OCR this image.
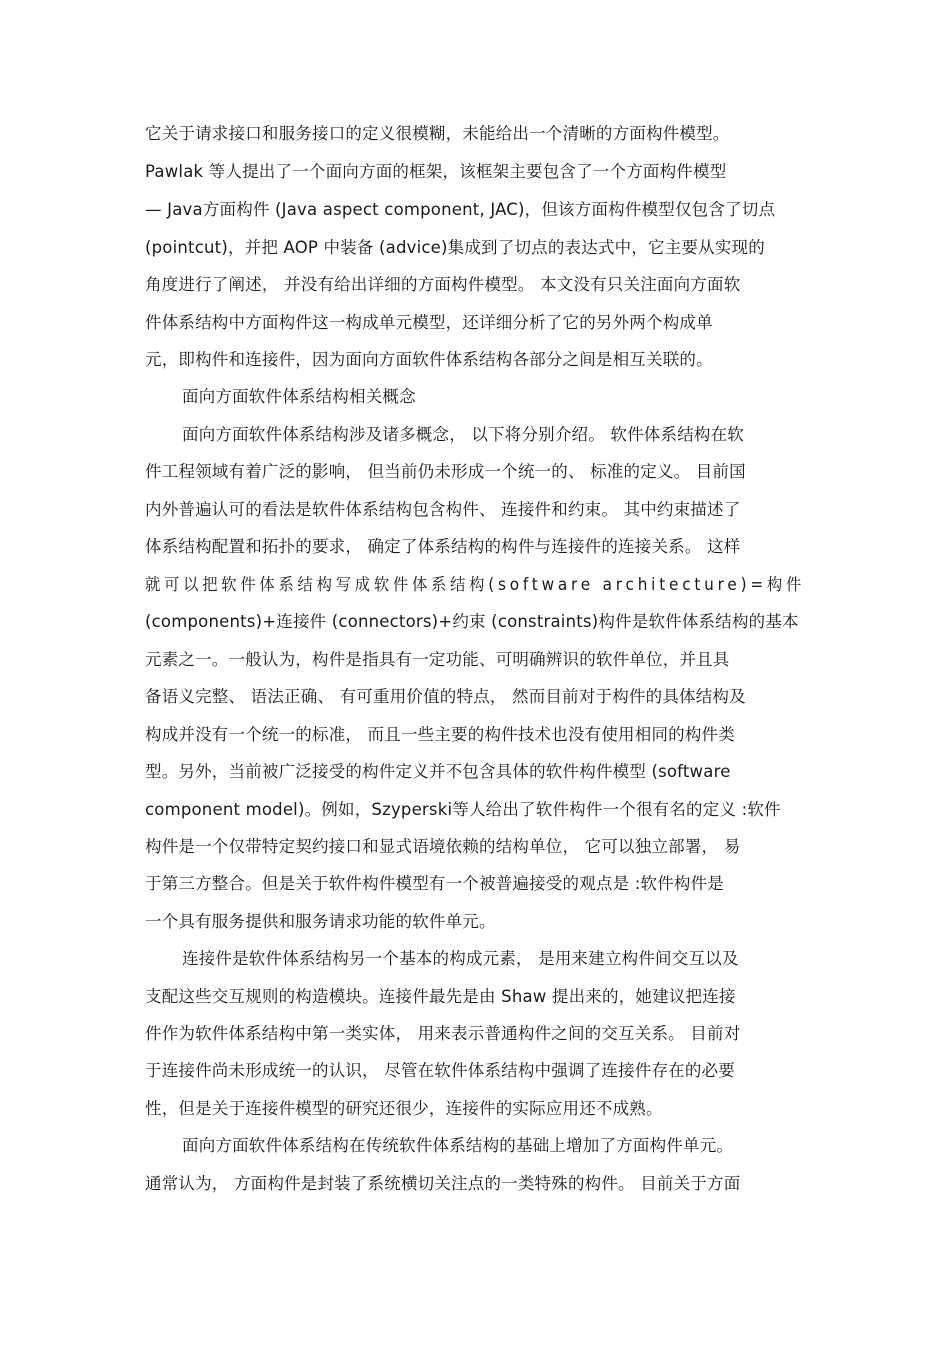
它关于请求接口和服务接口的定义很模糊，未能给出一个清晰的方面构件模型。
Pawlak 等人提出了一个面向方面的框架，该框架主要包含了一个方面构件模型
— Java方面构件 (Java aspect component, JAC)，但该方面构件模型仅包含了切点
(pointcut)，并把 AOP 中装备 (advice)集成到了切点的表达式中，它主要从实现的
角度进行了阐述， 并没有给出详细的方面构件模型。 本文没有只关注面向方面软
件体系结构中方面构件这一构成单元模型，还详细分析了它的另外两个构成单
元，即构件和连接件，因为面向方面软件体系结构各部分之间是相互关联的。
面向方面软件体系结构相关概念
面向方面软件体系结构涉及诸多概念， 以下将分别介绍。 软件体系结构在软
件工程领域有着广泛的影响， 但当前仍未形成一个统一的、 标准的定义。 目前国
内外普遍认可的看法是软件体系结构包含构件、 连接件和约束。 其中约束描述了
体系结构配置和拓扑的要求， 确定了体系结构的构件与连接件的连接关系。 这样
就可以把软件体系结构写成软件体系结构(software architecture)=构件
(components)+连接件 (connectors)+约束 (constraints)构件是软件体系结构的基本
元素之一。一般认为，构件是指具有一定功能、可明确辨识的软件单位，并且具
备语义完整、 语法正确、 有可重用价值的特点， 然而目前对于构件的具体结构及
构成并没有一个统一的标准， 而且一些主要的构件技术也没有使用相同的构件类
型。另外，当前被广泛接受的构件定义并不包含具体的软件构件模型 (software
component model)。例如，Szyperski等人给出了软件构件一个很有名的定义 :软件
构件是一个仅带特定契约接口和显式语境依赖的结构单位， 它可以独立部署， 易
于第三方整合。但是关于软件构件模型有一个被普遍接受的观点是 :软件构件是
一个具有服务提供和服务请求功能的软件单元。
连接件是软件体系结构另一个基本的构成元素， 是用来建立构件间交互以及
支配这些交互规则的构造模块。连接件最先是由 Shaw 提出来的，她建议把连接
件作为软件体系结构中第一类实体， 用来表示普通构件之间的交互关系。 目前对
于连接件尚未形成统一的认识， 尽管在软件体系结构中强调了连接件存在的必要
性，但是关于连接件模型的研究还很少，连接件的实际应用还不成熟。
面向方面软件体系结构在传统软件体系结构的基础上增加了方面构件单元。
通常认为， 方面构件是封装了系统横切关注点的一类特殊的构件。 目前关于方面
